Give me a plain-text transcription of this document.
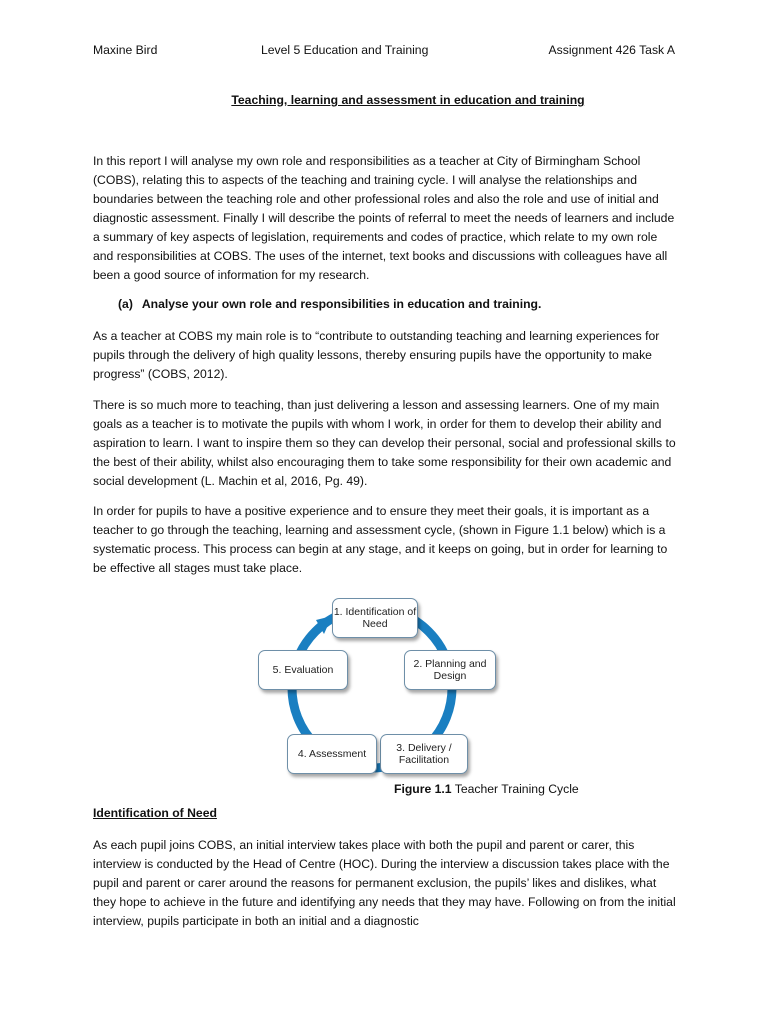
Maxine Bird	Level 5 Education and Training	Assignment 426 Task A
Teaching, learning and assessment in education and training

In this report I will analyse my own role and responsibilities as a teacher at City of Birmingham School (COBS), relating this to aspects of the teaching and training cycle. I will analyse the relationships and boundaries between the teaching role and other professional roles and also the role and use of initial and diagnostic assessment. Finally I will describe the points of referral to meet the needs of learners and include a summary of key aspects of legislation, requirements and codes of practice, which relate to my own role and responsibilities at COBS. The uses of the internet, text books and discussions with colleagues have all been a good source of information for my research.

(a) Analyse your own role and responsibilities in education and training.

As a teacher at COBS my main role is to “contribute to outstanding teaching and learning experiences for pupils through the delivery of high quality lessons, thereby ensuring pupils have the opportunity to make progress” (COBS, 2012).

There is so much more to teaching, than just delivering a lesson and assessing learners. One of my main goals as a teacher is to motivate the pupils with whom I work, in order for them to develop their ability and aspiration to learn. I want to inspire them so they can develop their personal, social and professional skills to the best of their ability, whilst also encouraging them to take some responsibility for their own academic and social development (L. Machin et al, 2016, Pg. 49).

In order for pupils to have a positive experience and to ensure they meet their goals, it is important as a teacher to go through the teaching, learning and assessment cycle, (shown in Figure 1.1 below) which is a systematic process. This process can begin at any stage, and it keeps on going, but in order for learning to be effective all stages must take place.

1. Identification of Need
2. Planning and Design
3. Delivery / Facilitation
4. Assessment
5. Evaluation
Figure 1.1 Teacher Training Cycle
Identification of Need

As each pupil joins COBS, an initial interview takes place with both the pupil and parent or carer, this interview is conducted by the Head of Centre (HOC). During the interview a discussion takes place with the pupil and parent or carer around the reasons for permanent exclusion, the pupils’ likes and dislikes, what they hope to achieve in the future and identifying any needs that they may have. Following on from the initial interview, pupils participate in both an initial and a diagnostic
